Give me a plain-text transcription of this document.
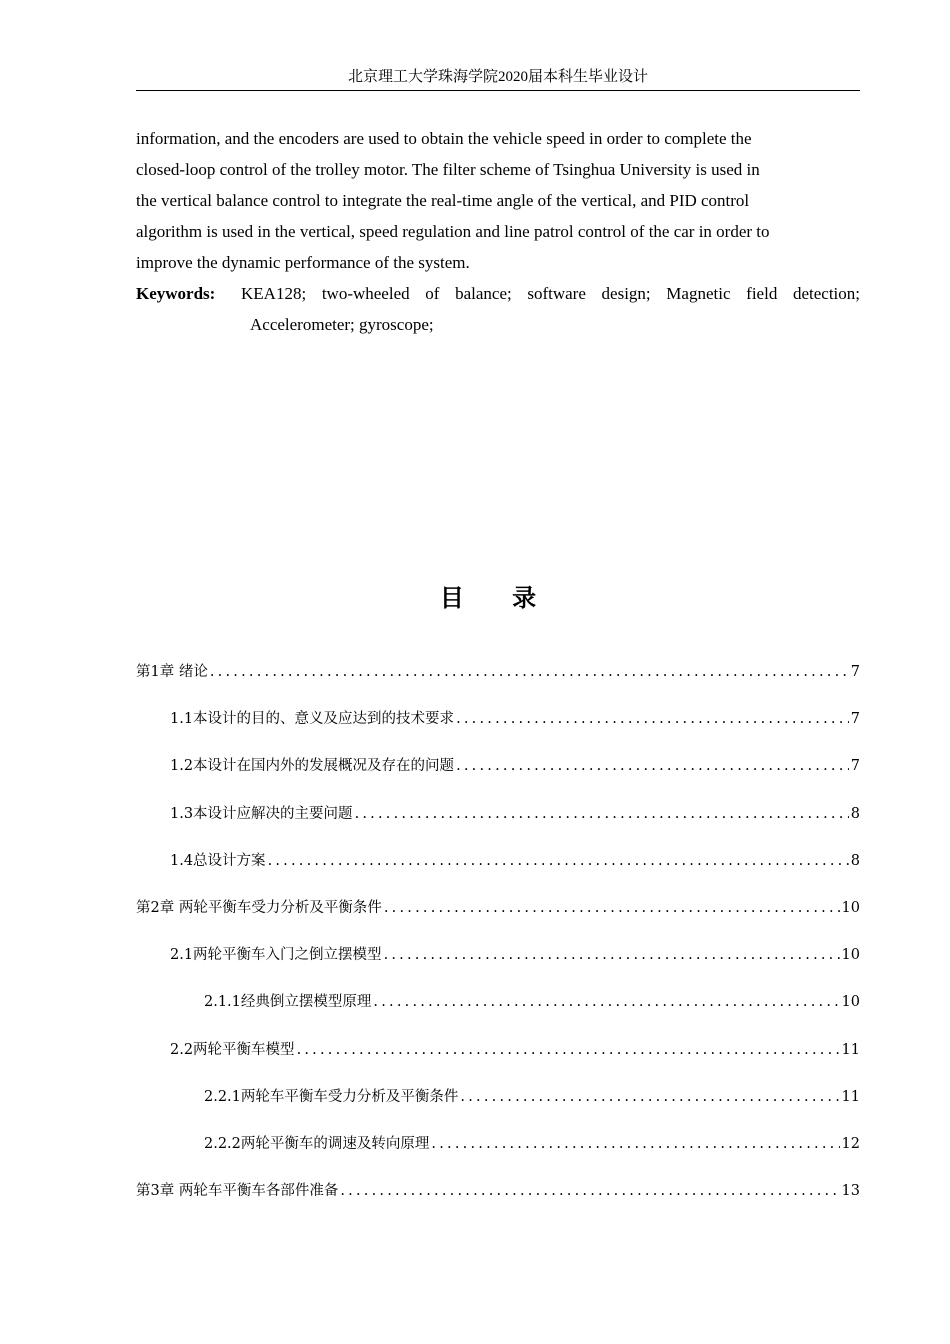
北京理工大学珠海学院2020届本科生毕业设计

information, and the encoders are used to obtain the vehicle speed in order to complete the

closed-loop control of the trolley motor. The filter scheme of Tsinghua University is used in

the vertical balance control to integrate the real-time angle of the vertical, and PID control

algorithm is used in the vertical, speed regulation and line patrol control of the car in order to

improve the dynamic performance of the system.

Keywords:	KEA128; two-wheeled of balance; software design; Magnetic field detection;
Accelerometer; gyroscope;
目 录
第1章 绪论 .....	7
1.1本设计的目的、意义及应达到的技术要求 .....	7
1.2本设计在国内外的发展概况及存在的问题 .....	7
1.3本设计应解决的主要问题 .....	8
1.4总设计方案 .....	8
第2章 两轮平衡车受力分析及平衡条件 .....	10
2.1两轮平衡车入门之倒立摆模型 .....	10
2.1.1经典倒立摆模型原理 .....	10
2.2两轮平衡车模型 .....	11
2.2.1两轮车平衡车受力分析及平衡条件 .....	11
2.2.2两轮平衡车的调速及转向原理 .....	12
第3章 两轮车平衡车各部件准备 .....	13
